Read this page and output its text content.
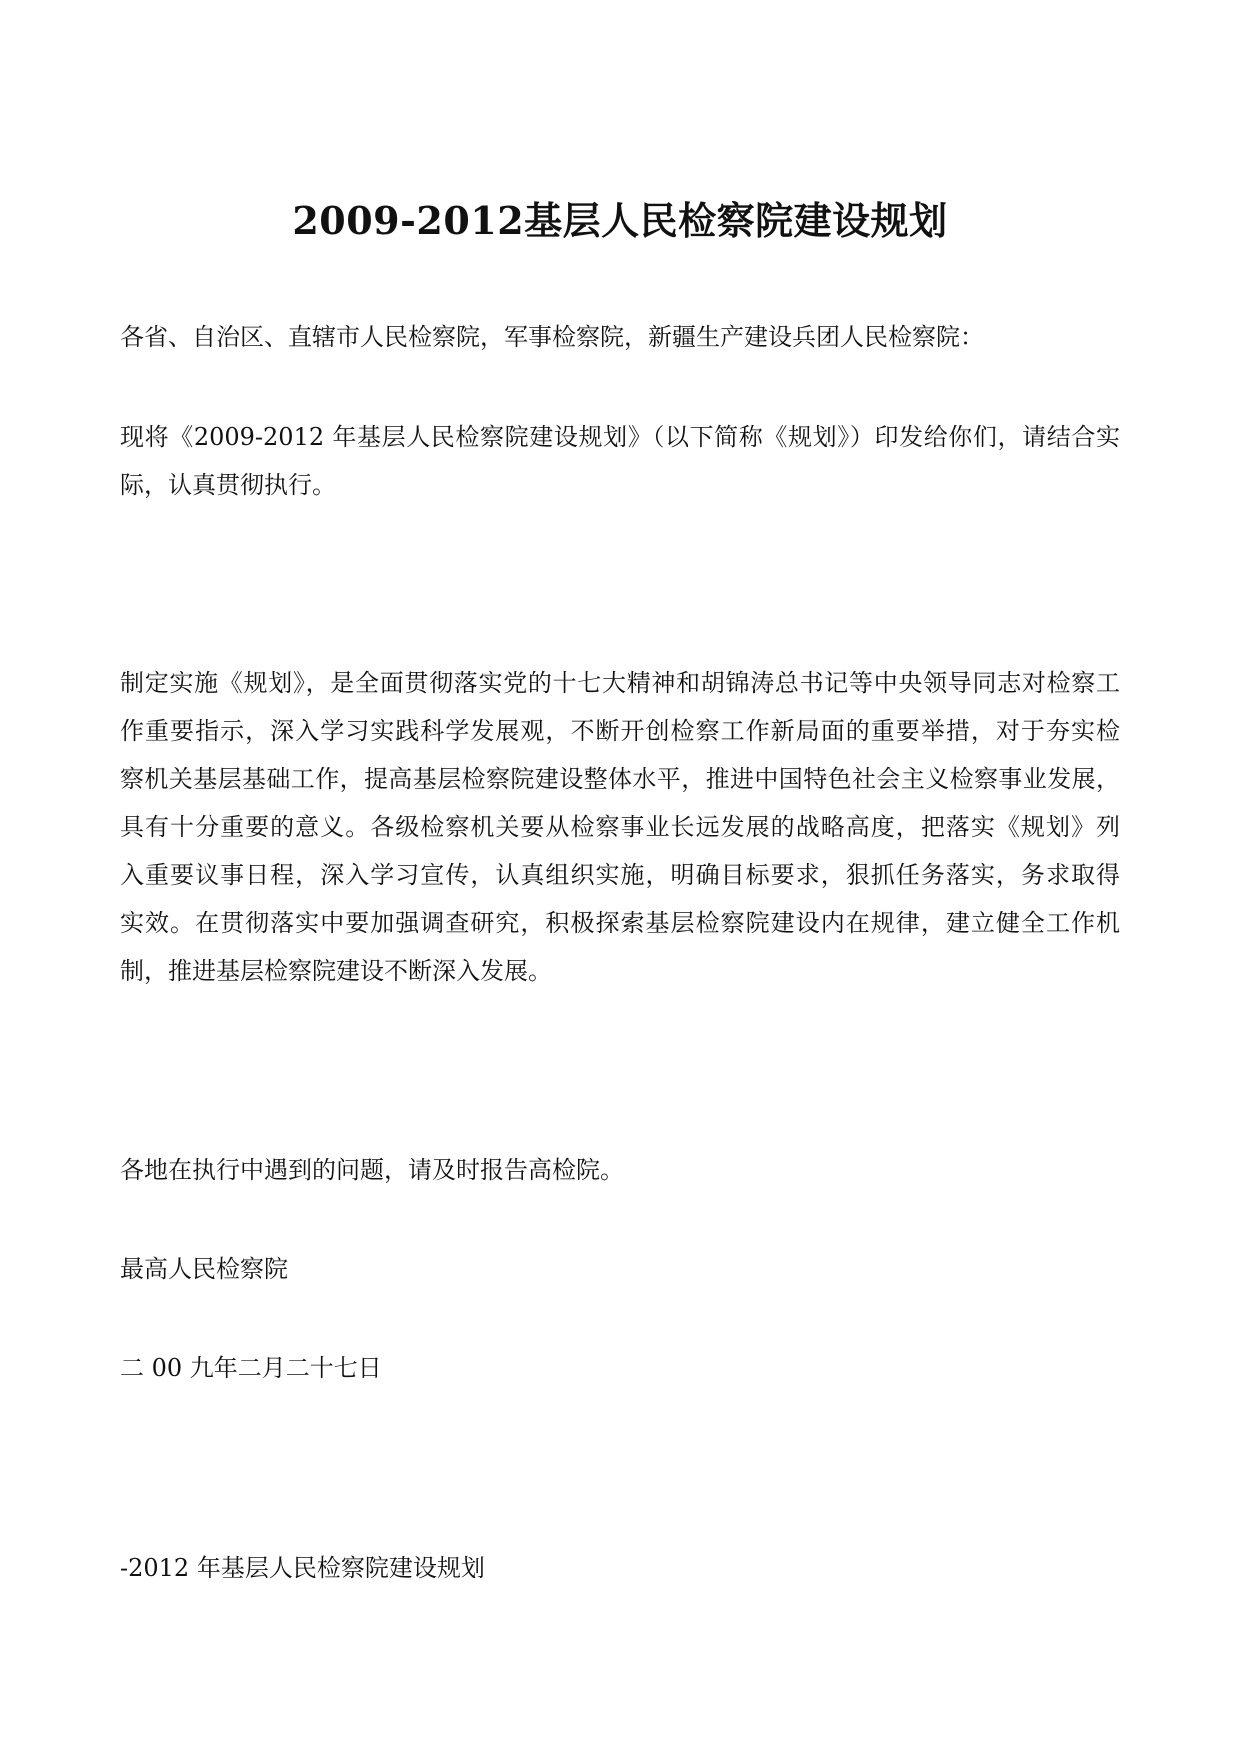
2009-2012基层人民检察院建设规划
各省、自治区、直辖市人民检察院，军事检察院，新疆生产建设兵团人民检察院：
现将《2009-2012 年基层人民检察院建设规划》（以下简称《规划》）印发给你们，请结合实
际，认真贯彻执行。
制定实施《规划》，是全面贯彻落实党的十七大精神和胡锦涛总书记等中央领导同志对检察工
作重要指示，深入学习实践科学发展观，不断开创检察工作新局面的重要举措，对于夯实检
察机关基层基础工作，提高基层检察院建设整体水平，推进中国特色社会主义检察事业发展，
具有十分重要的意义。各级检察机关要从检察事业长远发展的战略高度，把落实《规划》列
入重要议事日程，深入学习宣传，认真组织实施，明确目标要求，狠抓任务落实，务求取得
实效。在贯彻落实中要加强调查研究，积极探索基层检察院建设内在规律，建立健全工作机
制，推进基层检察院建设不断深入发展。
各地在执行中遇到的问题，请及时报告高检院。
最高人民检察院
二 00 九年二月二十七日
-2012 年基层人民检察院建设规划
